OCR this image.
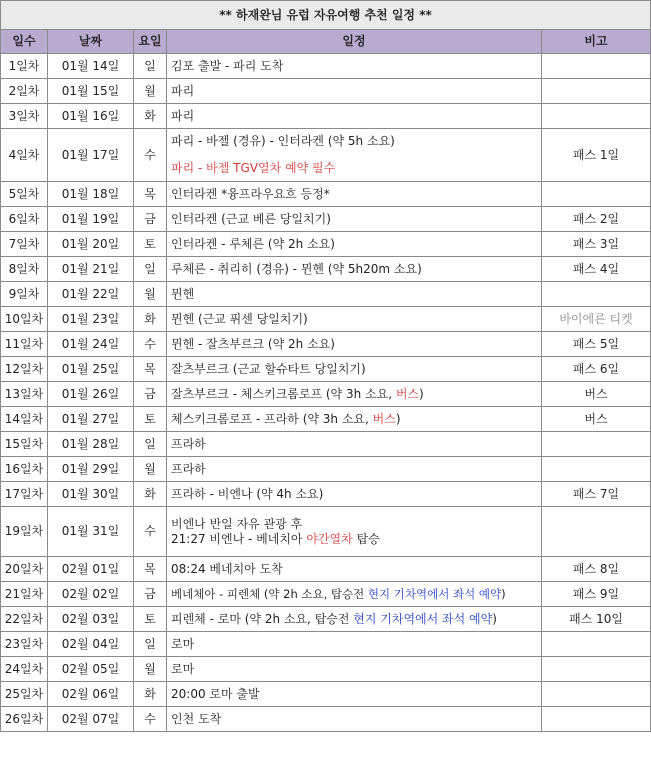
** 하재완님 유럽 자유여행 추천 일정 **				
일수	날짜	요일	일정	비고
1일차	01월 14일	일	김포 출발 - 파리 도착	
2일차	01월 15일	월	파리	
3일차	01월 16일	화	파리	
4일차	01월 17일	수	파리 - 바젤 (경유) - 인터라켄 (약 5h 소요)
파리 - 바젤 TGV열차 예약 필수	패스 1일
5일차	01월 18일	목	인터라켄 *융프라우요흐 등정*	
6일차	01월 19일	금	인터라켄 (근교 베른 당일치기)	패스 2일
7일차	01월 20일	토	인터라켄 - 루체른 (약 2h 소요)	패스 3일
8일차	01월 21일	일	루체른 - 취리히 (경유) - 뮌헨 (약 5h20m 소요)	패스 4일
9일차	01월 22일	월	뮌헨	
10일차	01월 23일	화	뮌헨 (근교 퓌센 당일치기)	바이에른 티켓
11일차	01월 24일	수	뮌헨 - 잘츠부르크 (약 2h 소요)	패스 5일
12일차	01월 25일	목	잘츠부르크 (근교 할슈타트 당일치기)	패스 6일
13일차	01월 26일	금	잘츠부르크 - 체스키크롬로프 (약 3h 소요, 버스)	버스
14일차	01월 27일	토	체스키크롬로프 - 프라하 (약 3h 소요, 버스)	버스
15일차	01월 28일	일	프라하	
16일차	01월 29일	월	프라하	
17일차	01월 30일	화	프라하 - 비엔나 (약 4h 소요)	패스 7일
19일차	01월 31일	수	비엔나 반일 자유 관광 후
21:27 비엔나 - 베네치아 야간열차 탑승	

20일차	02월 01일	목	08:24 베네치아 도착	패스 8일
21일차	02월 02일	금	베네체아 - 피렌체 (약 2h 소요, 탑승전 현지 기차역에서 좌석 예약)	패스 9일
22일차	02월 03일	토	피렌체 - 로마 (약 2h 소요, 탑승전 현지 기차역에서 좌석 예약)	패스 10일
23일차	02월 04일	일	로마	
24일차	02월 05일	월	로마	
25일차	02월 06일	화	20:00 로마 출발	
26일차	02월 07일	수	인천 도착	
